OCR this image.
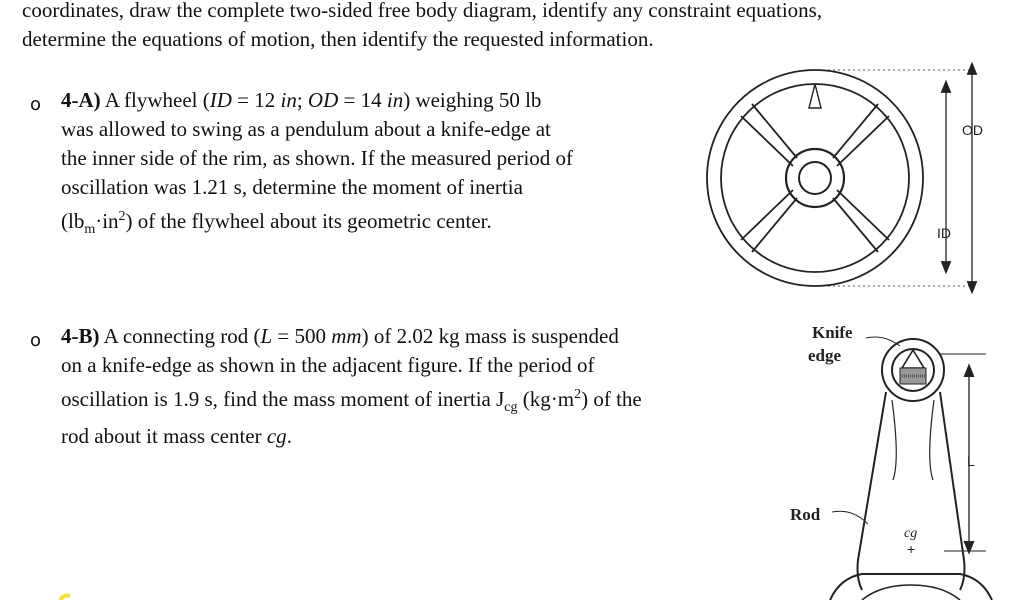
coordinates, draw the complete two-sided free body diagram, identify any constraint equations,
determine the equations of motion, then identify the requested information.
o 4-A) A flywheel (ID = 12 in; OD = 14 in) weighing 50 lb
was allowed to swing as a pendulum about a knife-edge at
the inner side of the rim, as shown. If the measured period of
oscillation was 1.21 s, determine the moment of inertia
$(lb_m\cdot in^2)$ of the flywheel about its geometric center.
o 4-B) A connecting rod (L = 500 mm) of 2.02 kg mass is suspended
on a knife-edge as shown in the adjacent figure. If the period of
oscillation is 1.9 s, find the mass moment of inertia $J_{cg}$ $(kg\cdot m^2)$ of the
rod about it mass center cg.
OD
ID
Knife
edge
Rod
L
cg
+
